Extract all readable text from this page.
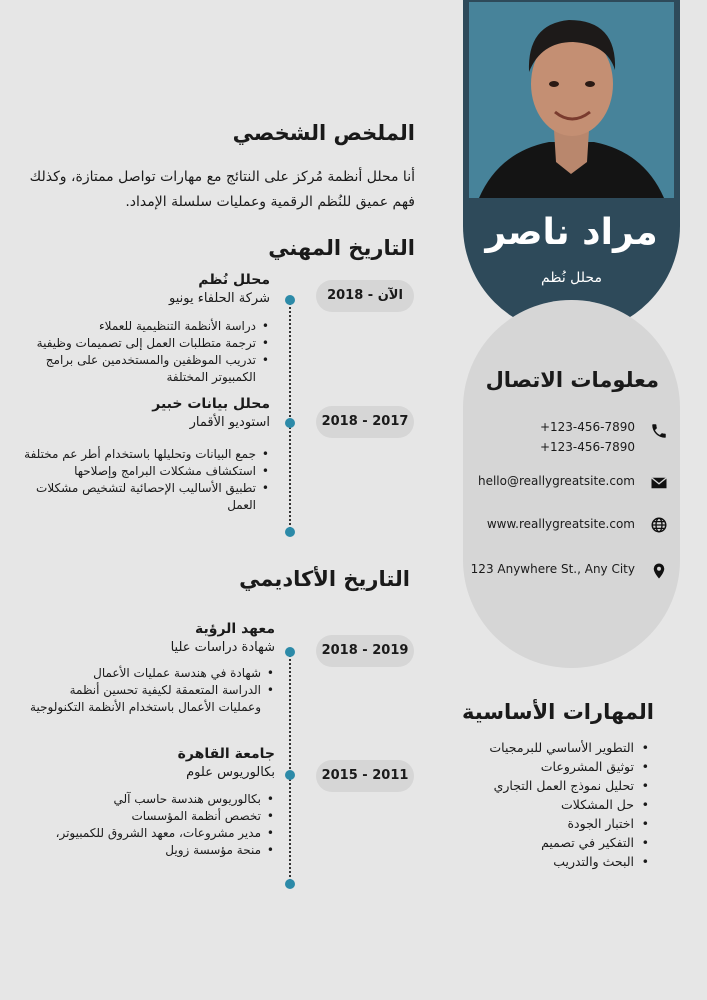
مراد ناصر
محلل نُظم
معلومات الاتصال
+123-456-7890
+123-456-7890
hello@reallygreatsite.com
www.reallygreatsite.com
123 Anywhere St., Any City
المهارات الأساسية
• التطوير الأساسي للبرمجيات
• توثيق المشروعات
• تحليل نموذج العمل التجاري
• حل المشكلات
• اختبار الجودة
• التفكير في تصميم
• البحث والتدريب
الملخص الشخصي
أنا محلل أنظمة مُركز على النتائج مع مهارات تواصل ممتازة، وكذلك فهم عميق للنُظم الرقمية وعمليات سلسلة الإمداد.
التاريخ المهني
الآن - 2018
محلل نُظم
شركة الحلفاء يونيو
• دراسة الأنظمة التنظيمية للعملاء
• ترجمة متطلبات العمل إلى تصميمات وظيفية
• تدريب الموظفين والمستخدمين على برامج الكمبيوتر المختلفة
2018 - 2017
محلل بيانات خبير
استوديو الأقمار
• جمع البيانات وتحليلها باستخدام أطر عم مختلفة
• استكشاف مشكلات البرامج وإصلاحها
• تطبيق الأساليب الإحصائية لتشخيص مشكلات العمل
التاريخ الأكاديمي
2018 - 2019
معهد الرؤية
شهادة دراسات عليا
• شهادة في هندسة عمليات الأعمال
• الدراسة المتعمقة لكيفية تحسين أنظمة وعمليات الأعمال باستخدام الأنظمة التكنولوجية
2015 - 2011
جامعة القاهرة
بكالوريوس علوم
• بكالوريوس هندسة حاسب آلي
• تخصص أنظمة المؤسسات
• مدير مشروعات، معهد الشروق للكمبيوتر،
• منحة مؤسسة زويل
